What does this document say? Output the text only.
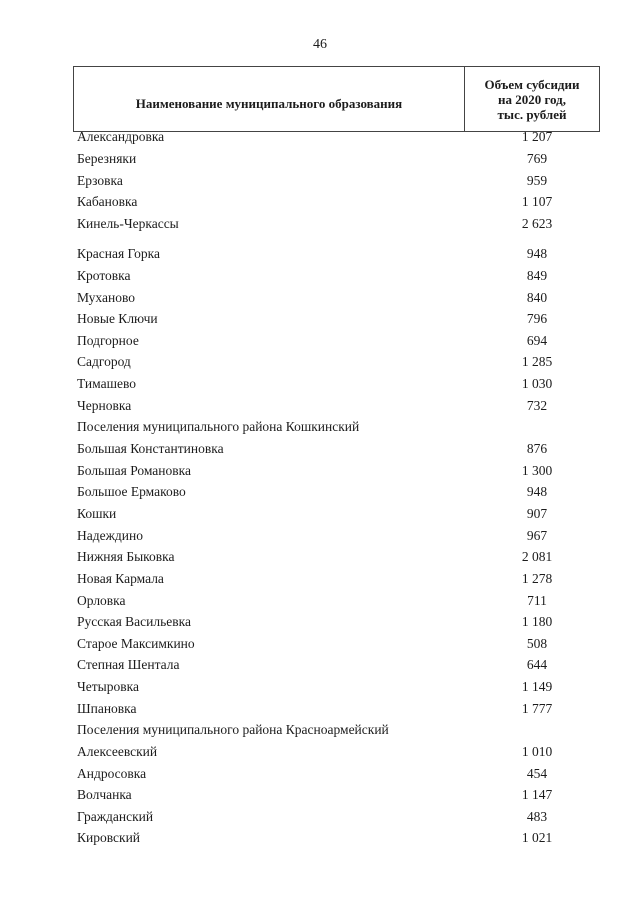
46
Наименование муниципального образования
Объем субсидии
на 2020 год,
тыс. рублей
Александровка	1 207
Березняки	769
Ерзовка	959
Кабановка	1 107
Кинель-Черкассы	2 623
Красная Горка	948
Кротовка	849
Муханово	840
Новые Ключи	796
Подгорное	694
Садгород	1 285
Тимашево	1 030
Черновка	732
Поселения муниципального района Кошкинский
Большая Константиновка	876
Большая Романовка	1 300
Большое Ермаково	948
Кошки	907
Надеждино	967
Нижняя Быковка	2 081
Новая Кармала	1 278
Орловка	711
Русская Васильевка	1 180
Старое Максимкино	508
Степная Шентала	644
Четыровка	1 149
Шпановка	1 777
Поселения муниципального района Красноармейский
Алексеевский	1 010
Андросовка	454
Волчанка	1 147
Гражданский	483
Кировский	1 021
